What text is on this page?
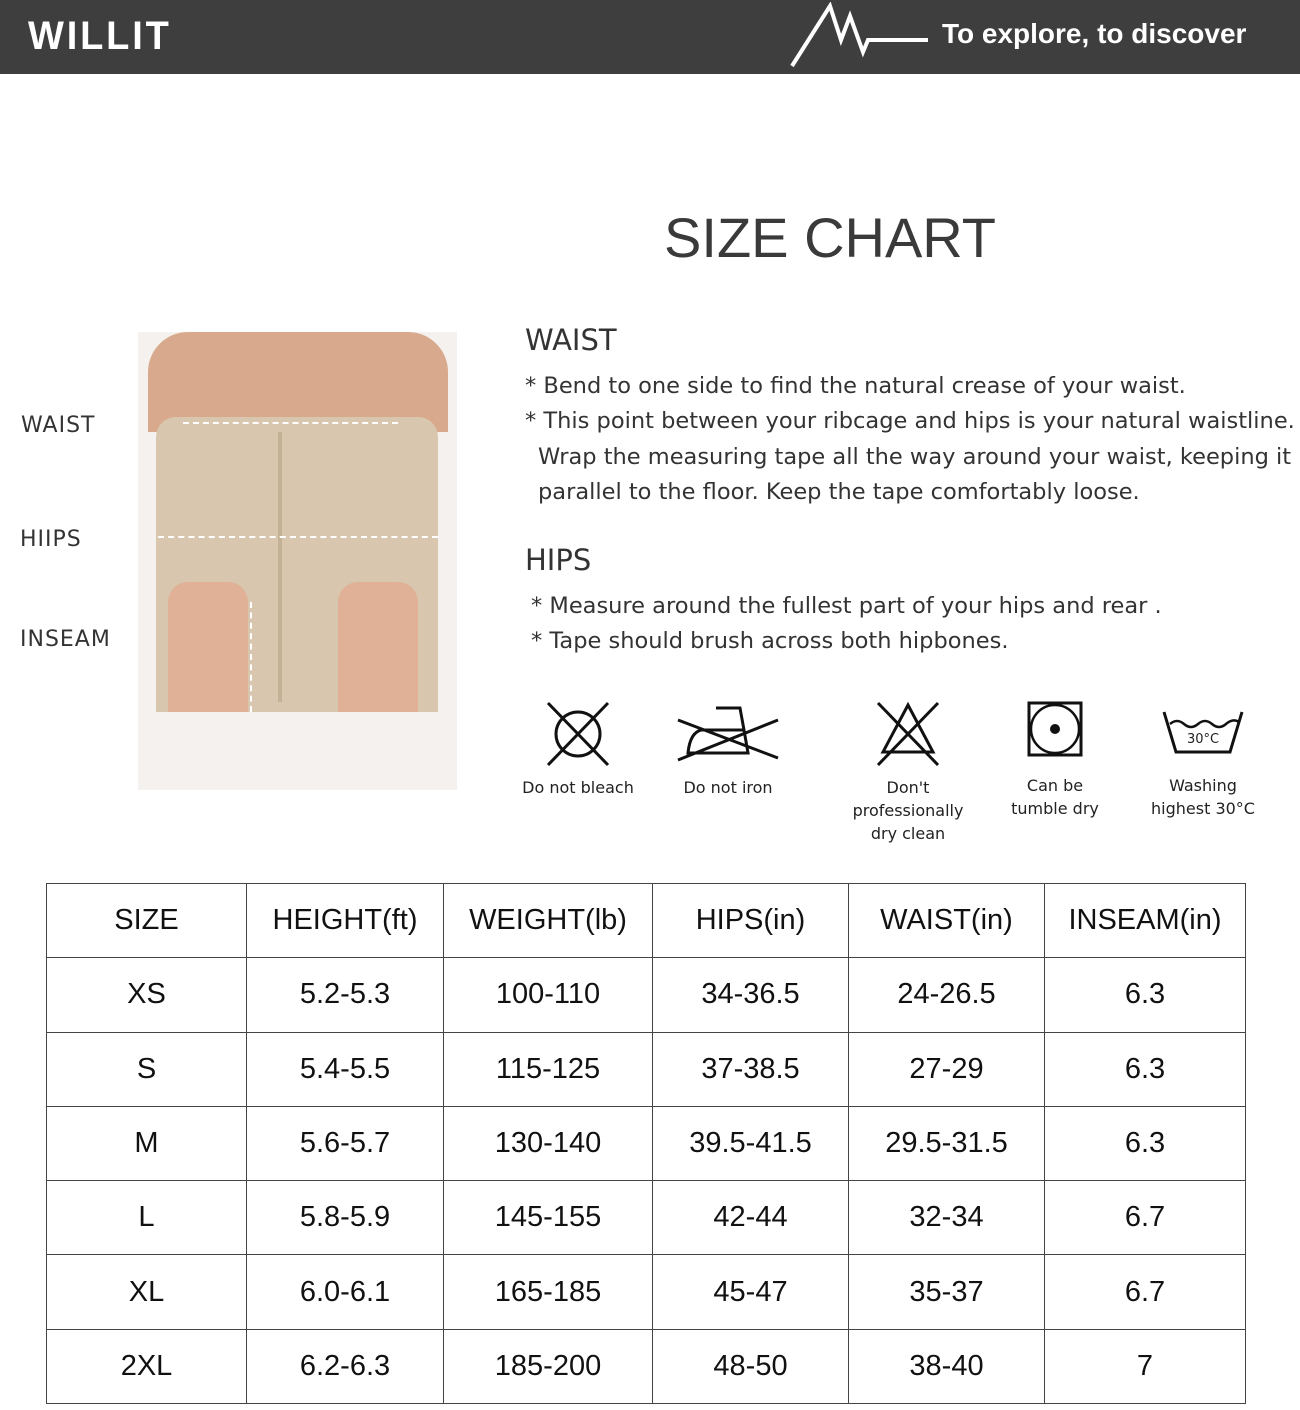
WILLIT	To explore, to discover
SIZE CHART
WAIST
HIIPS
INSEAM
WAIST
* Bend to one side to find the natural crease of your waist.
* This point between your ribcage and hips is your natural waistline.
Wrap the measuring tape all the way around your waist, keeping it
parallel to the floor. Keep the tape comfortably loose.
HIPS
* Measure around the fullest part of your hips and rear .
* Tape should brush across both hipbones.
Do not bleach	Do not iron	Don't professionally
dry clean
Can be
tumble dry
30°C
Washing
highest 30°C
SIZE	HEIGHT(ft)	WEIGHT(lb)	HIPS(in)	WAIST(in)	INSEAM(in)
XS	5.2-5.3	100-110	34-36.5	24-26.5	6.3
S	5.4-5.5	115-125	37-38.5	27-29	6.3
M	5.6-5.7	130-140	39.5-41.5	29.5-31.5	6.3
L	5.8-5.9	145-155	42-44	32-34	6.7
XL	6.0-6.1	165-185	45-47	35-37	6.7
2XL	6.2-6.3	185-200	48-50	38-40	7
